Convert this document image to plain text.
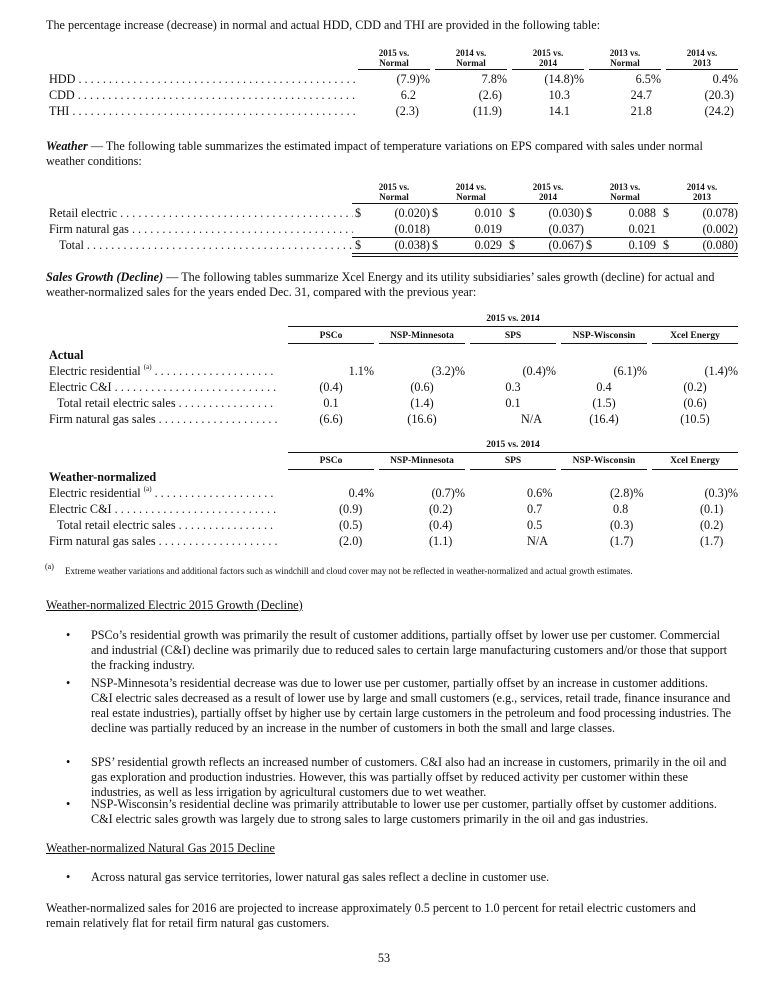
The percentage increase (decrease) in normal and actual HDD, CDD and THI are provided in the following table:
2015 vs.
Normal
2014 vs.
Normal
2015 vs.
2014
2013 vs.
Normal
2014 vs.
2013
HDD . . .	(7.9)%	7.8%	(14.8)%	6.5%	0.4%
CDD . . .	6.2	(2.6)	10.3	24.7	(20.3)
THI . . .	(2.3)	(11.9)	14.1	21.8	(24.2)
Weather — The following table summarizes the estimated impact of temperature variations on EPS compared with sales under normal weather conditions:
2015 vs.
Normal
2014 vs.
Normal
2015 vs.
2014
2013 vs.
Normal
2014 vs.
2013
Retail electric . . .	$	(0.020) $	0.010 $	(0.030) $	0.088 $	(0.078)
Firm natural gas . . .	(0.018)	0.019	(0.037)	0.021	(0.002)
Total . . .	$	(0.038) $	0.029 $	(0.067) $	0.109 $	(0.080)
Sales Growth (Decline) — The following tables summarize Xcel Energy and its utility subsidiaries’ sales growth (decline) for actual and weather-normalized sales for the years ended Dec. 31, compared with the previous year:
2015 vs. 2014
PSCo	NSP-Minnesota	SPS	NSP-Wisconsin	Xcel Energy
Actual
Electric residential $^{(a)}$ . . .	1.1%	(3.2)%	(0.4)%	(6.1)%	(1.4)%
Electric C&I . . .	(0.4)	(0.6)	0.3	0.4	(0.2)
Total retail electric sales . . .	0.1	(1.4)	0.1	(1.5)	(0.6)
Firm natural gas sales . . .	(6.6)	(16.6)	N/A	(16.4)	(10.5)
2015 vs. 2014
PSCo	NSP-Minnesota	SPS	NSP-Wisconsin	Xcel Energy
Weather-normalized
Electric residential $^{(a)}$ . . .	0.4%	(0.7)%	0.6%	(2.8)%	(0.3)%
Electric C&I . . .	(0.9)	(0.2)	0.7	0.8	(0.1)
Total retail electric sales . . .	(0.5)	(0.4)	0.5	(0.3)	(0.2)
Firm natural gas sales . . .	(2.0)	(1.1)	N/A	(1.7)	(1.7)
(a) Extreme weather variations and additional factors such as windchill and cloud cover may not be reflected in weather-normalized and actual growth estimates.
Weather-normalized Electric 2015 Growth (Decline)
• PSCo’s residential growth was primarily the result of customer additions, partially offset by lower use per customer. Commercial and industrial (C&I) decline was primarily due to reduced sales to certain large manufacturing customers and/or those that support the fracking industry.
• NSP-Minnesota’s residential decrease was due to lower use per customer, partially offset by an increase in customer additions. C&I electric sales decreased as a result of lower use by large and small customers (e.g., services, retail trade, finance insurance and real estate industries), partially offset by higher use by certain large customers in the petroleum and food processing industries. The decline was partially reduced by an increase in the number of customers in both the small and large classes.
• SPS’ residential growth reflects an increased number of customers. C&I also had an increase in customers, primarily in the oil and gas exploration and production industries. However, this was partially offset by reduced activity per customer within these industries, as well as less irrigation by agricultural customers due to wet weather.
• NSP-Wisconsin’s residential decline was primarily attributable to lower use per customer, partially offset by customer additions. C&I electric sales growth was largely due to strong sales to large customers primarily in the oil and gas industries.
Weather-normalized Natural Gas 2015 Decline
• Across natural gas service territories, lower natural gas sales reflect a decline in customer use.
Weather-normalized sales for 2016 are projected to increase approximately 0.5 percent to 1.0 percent for retail electric customers and remain relatively flat for retail firm natural gas customers.
53
